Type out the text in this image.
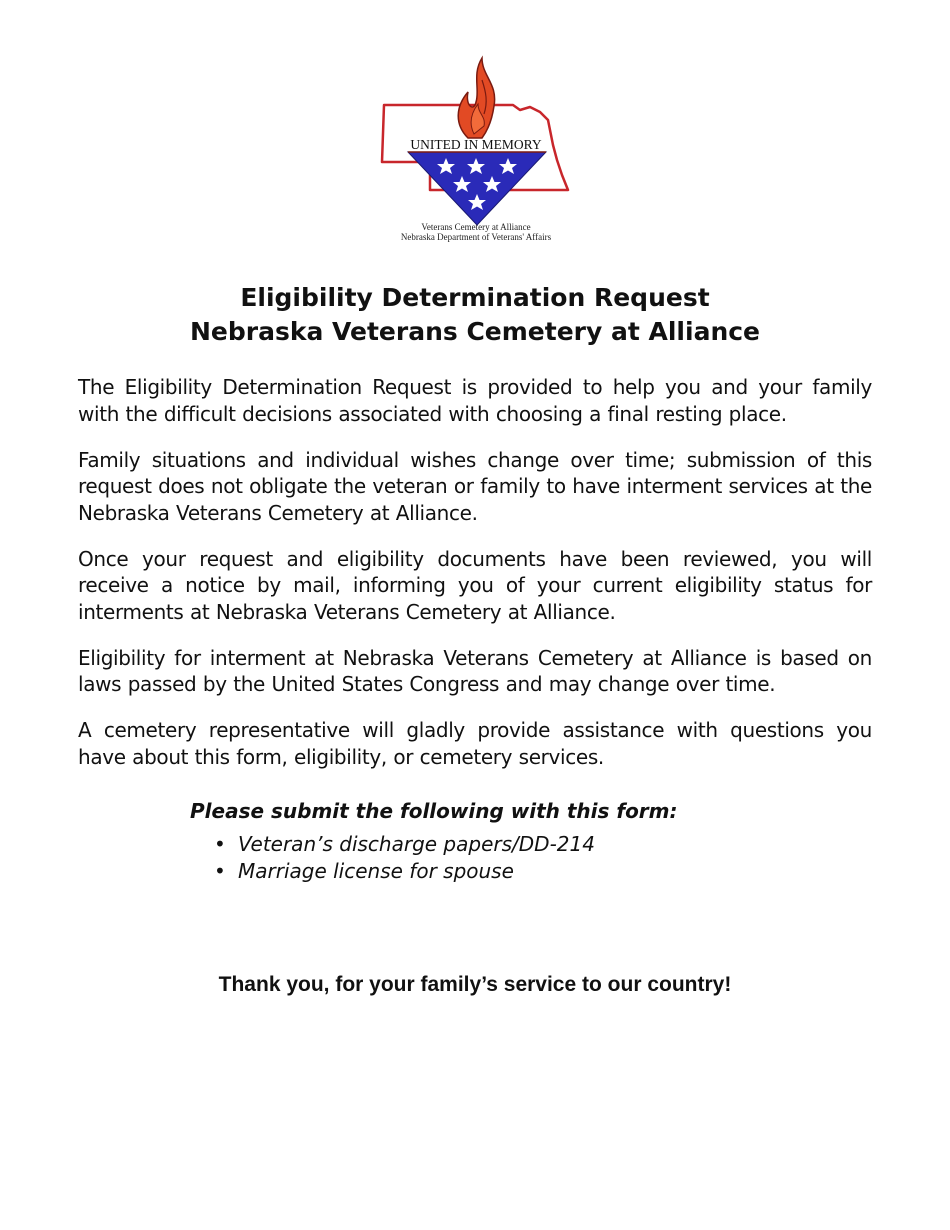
UNITED IN MEMORY
Veterans Cemetery at Alliance
Nebraska Department of Veterans' Affairs
Eligibility Determination Request
Nebraska Veterans Cemetery at Alliance

The Eligibility Determination Request is provided to help you and your family with the difficult decisions associated with choosing a final resting place.

Family situations and individual wishes change over time; submission of this request does not obligate the veteran or family to have interment services at the Nebraska Veterans Cemetery at Alliance.

Once your request and eligibility documents have been reviewed, you will receive a notice by mail, informing you of your current eligibility status for interments at Nebraska Veterans Cemetery at Alliance.

Eligibility for interment at Nebraska Veterans Cemetery at Alliance is based on laws passed by the United States Congress and may change over time.

A cemetery representative will gladly provide assistance with questions you have about this form, eligibility, or cemetery services.

Please submit the following with this form:
• Veteran’s discharge papers/DD-214
• Marriage license for spouse
Thank you, for your family’s service to our country!
